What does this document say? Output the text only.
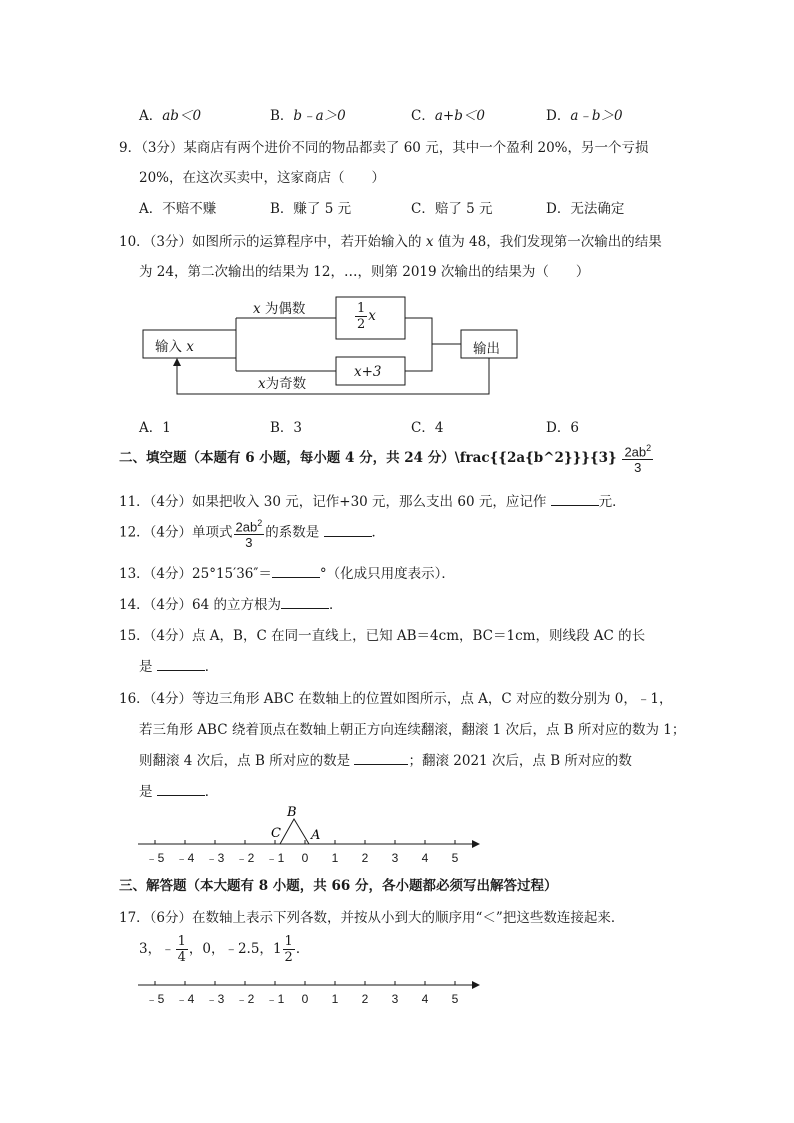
A．ab＜0	B．b﹣a＞0	C．a+b＜0	D．a﹣b＞0
9．（3分）某商店有两个进价不同的物品都卖了 60 元，其中一个盈利 20%，另一个亏损
20%，在这次买卖中，这家商店（　　）
A．不赔不赚	B．赚了 5 元	C．赔了 5 元	D．无法确定
10．（3分）如图所示的运算程序中，若开始输入的 x 值为 48，我们发现第一次输出的结果
为 24，第二次输出的结果为 12，…，则第 2019 次输出的结果为（　　）
输入 x
x 为偶数
x为奇数
$\frac{1}{2}$ x
x+3
输出
A．1	B．3	C．4	D．6
二、填空题（本题有 6 小题，每小题 4 分，共 24 分）\frac{{2a{b^2}}}{3} $\frac{2ab^2}{3}$
11．（4分）如果把收入 30 元，记作+30 元，那么支出 60 元，应记作	元．
12．（4分）单项式 $\frac{2ab^2}{3}$ 的系数是	．
13．（4分）25°15′36″＝	°（化成只用度表示）．
14．（4分）64 的立方根为	．
15．（4分）点 A，B，C 在同一直线上，已知 AB＝4cm，BC＝1cm，则线段 AC 的长
是	．
16．（4分）等边三角形 ABC 在数轴上的位置如图所示，点 A，C 对应的数分别为 0，﹣1，
若三角形 ABC 绕着顶点在数轴上朝正方向连续翻滚，翻滚 1 次后，点 B 所对应的数为 1；
则翻滚 4 次后，点 B 所对应的数是	；翻滚 2021 次后，点 B 所对应的数
是	．
﹣5 ﹣4 ﹣3 ﹣2 ﹣1 0 1 2 3 4 5
B
C A
三、解答题（本大题有 8 小题，共 66 分，各小题都必须写出解答过程）
17．（6分）在数轴上表示下列各数，并按从小到大的顺序用“＜”把这些数连接起来．
3，﹣ $\frac{1}{4}$ ，0，﹣2.5，$1 \frac{1}{2}$ ．
﹣5 ﹣4 ﹣3 ﹣2 ﹣1 0 1 2 3 4 5
